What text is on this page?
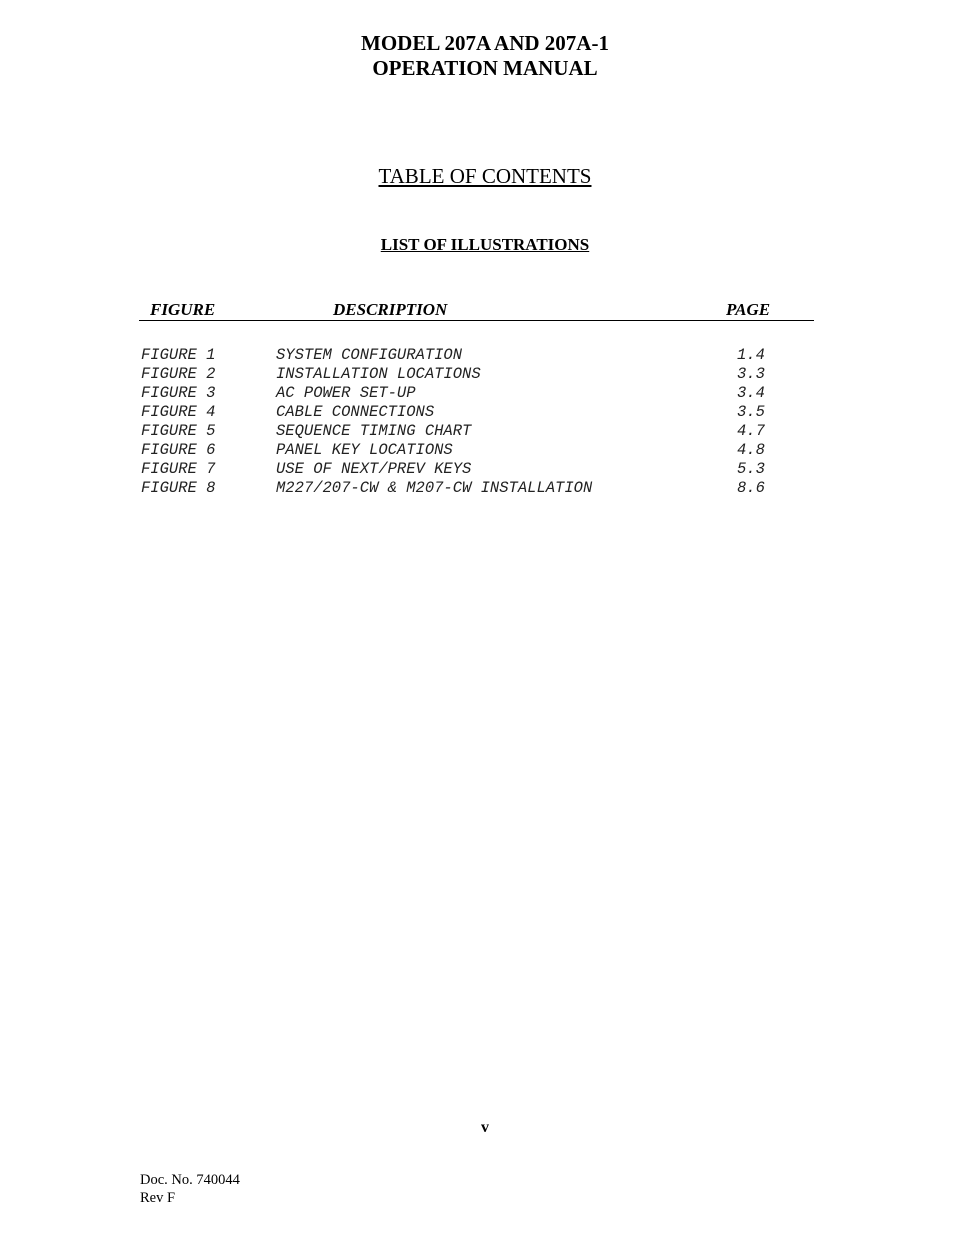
MODEL 207A AND 207A-1
OPERATION MANUAL
TABLE OF CONTENTS
LIST OF ILLUSTRATIONS
FIGURE	DESCRIPTION	PAGE
FIGURE 1	SYSTEM CONFIGURATION	1.4
FIGURE 2	INSTALLATION LOCATIONS	3.3
FIGURE 3	AC POWER SET-UP	3.4
FIGURE 4	CABLE CONNECTIONS	3.5
FIGURE 5	SEQUENCE TIMING CHART	4.7
FIGURE 6	PANEL KEY LOCATIONS	4.8
FIGURE 7	USE OF NEXT/PREV KEYS	5.3
FIGURE 8	M227/207-CW & M207-CW INSTALLATION	8.6
v
Doc. No. 740044
Rev F
